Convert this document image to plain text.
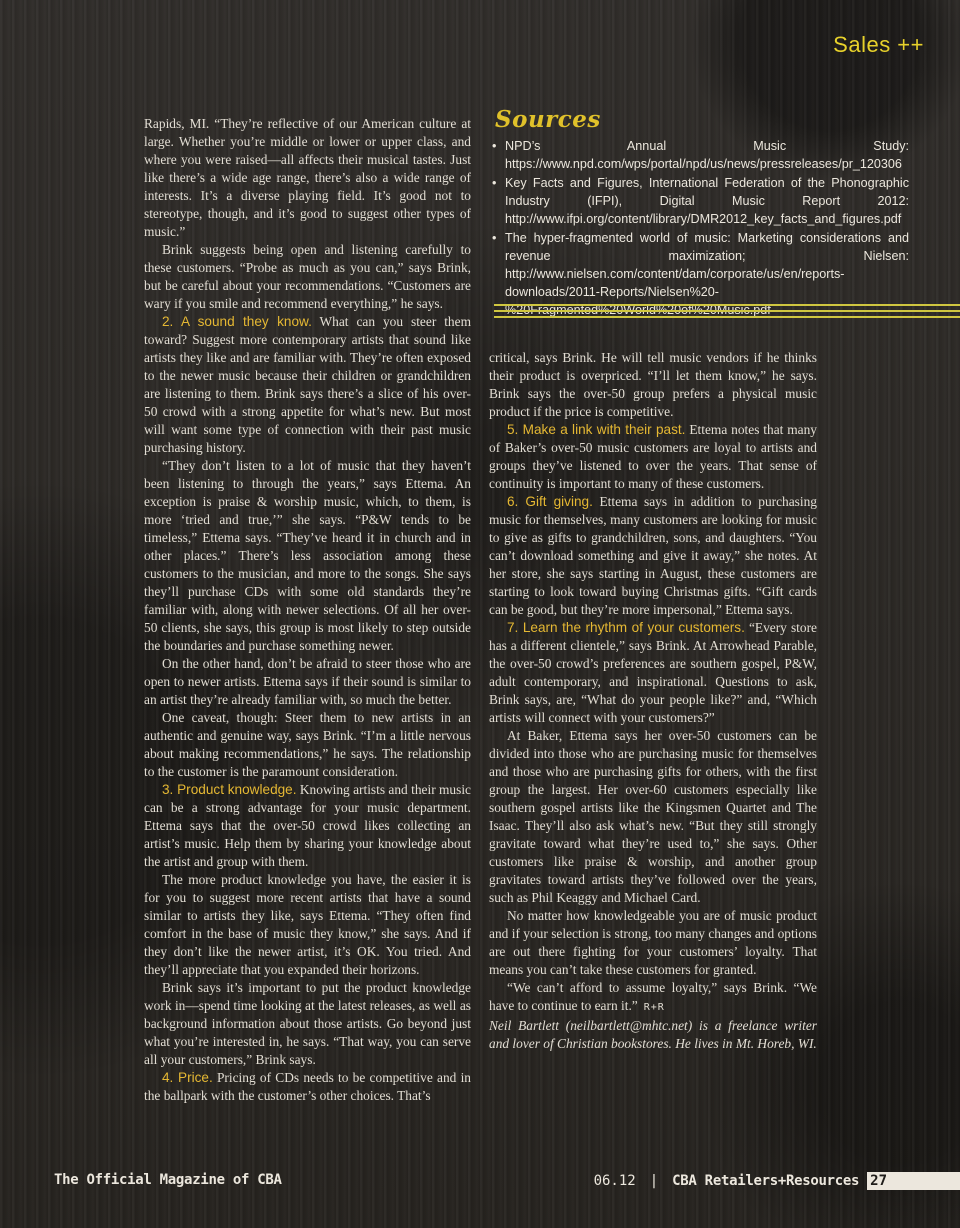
Sales ++

Rapids, MI. “They’re reflective of our American culture at large. Whether you’re middle or lower or upper class, and where you were raised—all affects their musical tastes. Just like there’s a wide age range, there’s also a wide range of interests. It’s a diverse playing field. It’s good not to stereotype, though, and it’s good to suggest other types of music.”

Brink suggests being open and listening carefully to these customers. “Probe as much as you can,” says Brink, but be careful about your recommendations. “Customers are wary if you smile and recommend everything,” he says.

2. A sound they know. What can you steer them toward? Suggest more contemporary artists that sound like artists they like and are familiar with. They’re often exposed to the newer music because their children or grandchildren are listening to them. Brink says there’s a slice of his over-50 crowd with a strong appetite for what’s new. But most will want some type of connection with their past music purchasing history.

“They don’t listen to a lot of music that they haven’t been listening to through the years,” says Ettema. An exception is praise & worship music, which, to them, is more ‘tried and true,’” she says. “P&W tends to be timeless,” Ettema says. “They’ve heard it in church and in other places.” There’s less association among these customers to the musician, and more to the songs. She says they’ll purchase CDs with some old standards they’re familiar with, along with newer selections. Of all her over-50 clients, she says, this group is most likely to step outside the boundaries and purchase something newer.

On the other hand, don’t be afraid to steer those who are open to newer artists. Ettema says if their sound is similar to an artist they’re already familiar with, so much the better.

One caveat, though: Steer them to new artists in an authentic and genuine way, says Brink. “I’m a little nervous about making recommendations,” he says. The relationship to the customer is the paramount consideration.

3. Product knowledge. Knowing artists and their music can be a strong advantage for your music department. Ettema says that the over-50 crowd likes collecting an artist’s music. Help them by sharing your knowledge about the artist and group with them.

The more product knowledge you have, the easier it is for you to suggest more recent artists that have a sound similar to artists they like, says Ettema. “They often find comfort in the base of music they know,” she says. And if they don’t like the newer artist, it’s OK. You tried. And they’ll appreciate that you expanded their horizons.

Brink says it’s important to put the product knowledge work in—spend time looking at the latest releases, as well as background information about those artists. Go beyond just what you’re interested in, he says. “That way, you can serve all your customers,” Brink says.

4. Price. Pricing of CDs needs to be competitive and in the ballpark with the customer’s other choices. That’s

Sources
• NPD’s Annual Music Study: https://www.npd.com/wps/portal/npd/us/news/pressreleases/pr_120306
• Key Facts and Figures, International Federation of the Phonographic Industry (IFPI), Digital Music Report 2012: http://www.ifpi.org/content/library/DMR2012_key_facts_and_figures.pdf
• The hyper-fragmented world of music: Marketing considerations and revenue maximization; Nielsen: http://www.nielsen.com/content/dam/corporate/us/en/reports-downloads/2011-Reports/Nielsen%20-

critical, says Brink. He will tell music vendors if he thinks their product is overpriced. “I’ll let them know,” he says. Brink says the over-50 group prefers a physical music product if the price is competitive.

5. Make a link with their past. Ettema notes that many of Baker’s over-50 music customers are loyal to artists and groups they’ve listened to over the years. That sense of continuity is important to many of these customers.

6. Gift giving. Ettema says in addition to purchasing music for themselves, many customers are looking for music to give as gifts to grandchildren, sons, and daughters. “You can’t download something and give it away,” she notes. At her store, she says starting in August, these customers are starting to look toward buying Christmas gifts. “Gift cards can be good, but they’re more impersonal,” Ettema says.

7. Learn the rhythm of your customers. “Every store has a different clientele,” says Brink. At Arrowhead Parable, the over-50 crowd’s preferences are southern gospel, P&W, adult contemporary, and inspirational. Questions to ask, Brink says, are, “What do your people like?” and, “Which artists will connect with your customers?”

At Baker, Ettema says her over-50 customers can be divided into those who are purchasing music for themselves and those who are purchasing gifts for others, with the first group the largest. Her over-60 customers especially like southern gospel artists like the Kingsmen Quartet and The Isaac. They’ll also ask what’s new. “But they still strongly gravitate toward what they’re used to,” she says. Other customers like praise & worship, and another group gravitates toward artists they’ve followed over the years, such as Phil Keaggy and Michael Card.

No matter how knowledgeable you are of music product and if your selection is strong, too many changes and options are out there fighting for your customers’ loyalty. That means you can’t take these customers for granted.

“We can’t afford to assume loyalty,” says Brink. “We have to continue to earn it.” R+R

Neil Bartlett (neilbartlett@mhtc.net) is a freelance writer and lover of Christian bookstores. He lives in Mt. Horeb, WI.

The Official Magazine of CBA	06.12 | CBA Retailers+Resources 27
